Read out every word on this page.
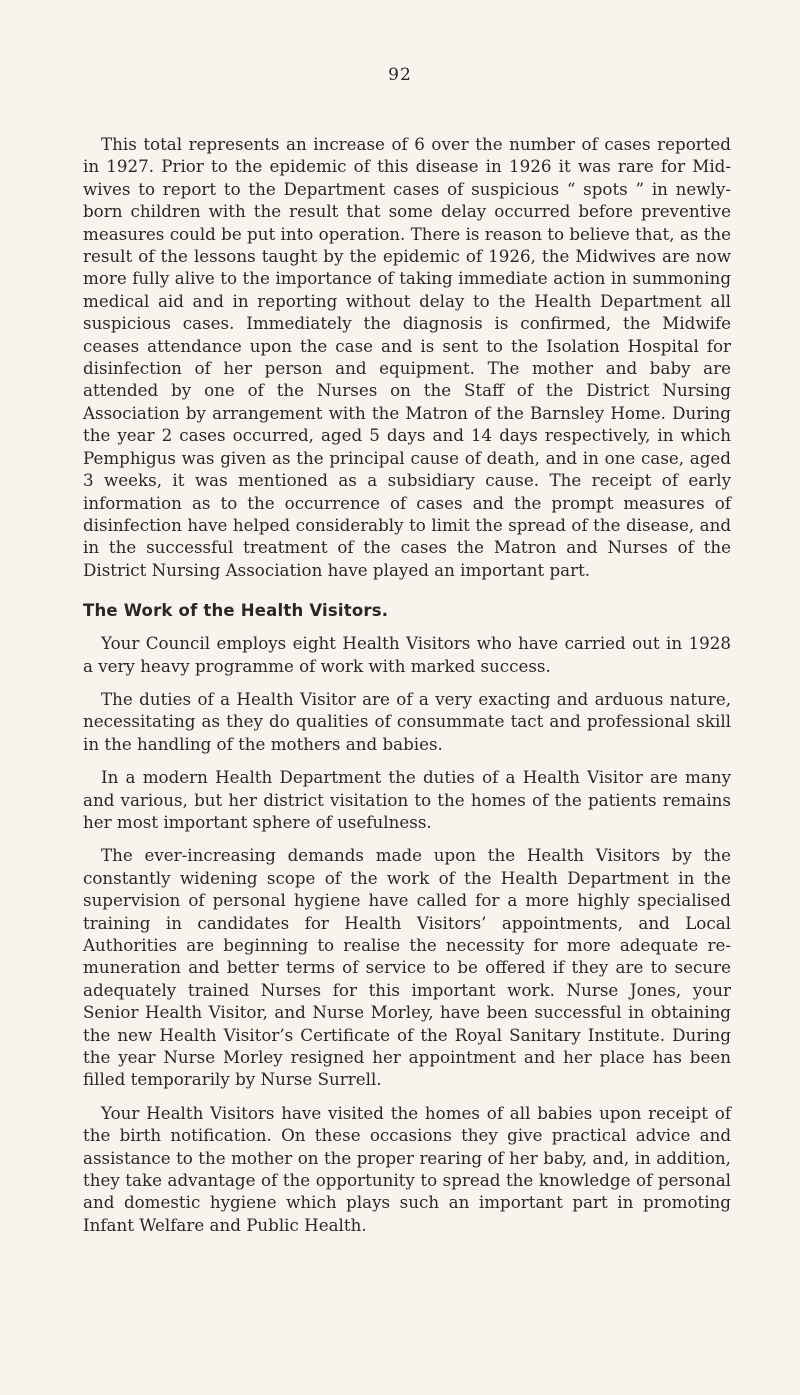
92

This total represents an increase of 6 over the number of cases reported in 1927. Prior to the epidemic of this disease in 1926 it was rare for Mid-wives to report to the Department cases of suspicious “ spots ” in newly-born children with the result that some delay occurred before preventive measures could be put into operation. There is reason to believe that, as the result of the lessons taught by the epidemic of 1926, the Midwives are now more fully alive to the importance of taking immediate action in summoning medical aid and in reporting without delay to the Health Department all suspicious cases. Immediately the diagnosis is confirmed, the Midwife ceases attendance upon the case and is sent to the Isolation Hospital for disinfection of her person and equipment. The mother and baby are attended by one of the Nurses on the Staff of the District Nursing Association by arrangement with the Matron of the Barnsley Home. During the year 2 cases occurred, aged 5 days and 14 days respectively, in which Pemphigus was given as the principal cause of death, and in one case, aged 3 weeks, it was mentioned as a subsidiary cause. The receipt of early information as to the occurrence of cases and the prompt measures of disinfection have helped considerably to limit the spread of the disease, and in the successful treatment of the cases the Matron and Nurses of the District Nursing Association have played an important part.

The Work of the Health Visitors.

Your Council employs eight Health Visitors who have carried out in 1928 a very heavy programme of work with marked success.

The duties of a Health Visitor are of a very exacting and arduous nature, necessitating as they do qualities of consummate tact and professional skill in the handling of the mothers and babies.

In a modern Health Department the duties of a Health Visitor are many and various, but her district visitation to the homes of the patients remains her most important sphere of usefulness.

The ever-increasing demands made upon the Health Visitors by the constantly widening scope of the work of the Health Department in the supervision of personal hygiene have called for a more highly specialised training in candidates for Health Visitors’ appointments, and Local Authorities are beginning to realise the necessity for more adequate re-muneration and better terms of service to be offered if they are to secure adequately trained Nurses for this important work. Nurse Jones, your Senior Health Visitor, and Nurse Morley, have been successful in obtaining the new Health Visitor’s Certificate of the Royal Sanitary Institute. During the year Nurse Morley resigned her appointment and her place has been filled temporarily by Nurse Surrell.

Your Health Visitors have visited the homes of all babies upon receipt of the birth notification. On these occasions they give practical advice and assistance to the mother on the proper rearing of her baby, and, in addition, they take advantage of the opportunity to spread the knowledge of personal and domestic hygiene which plays such an important part in promoting Infant Welfare and Public Health.
